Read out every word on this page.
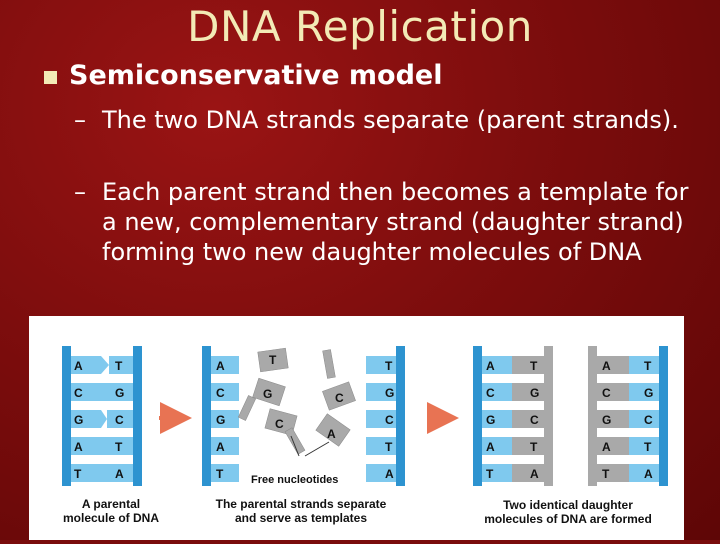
DNA Replication
Semiconservative model
– The two DNA strands separate (parent strands).
– Each parent strand then becomes a template for a new, complementary strand (daughter strand) forming two new daughter molecules of DNA
A
C
G
A
T
T
G
C
T
A
A
C
G
A
T
T
G
C
T
A
T
G	C
C
A
Free nucleotides
A
C
G
A
T
T
G
C
T
A
A
C
G
A
T
T
G
C
T
A
A parental
molecule of DNA
The parental strands separate
and serve as templates
Two identical daughter
molecules of DNA are formed
